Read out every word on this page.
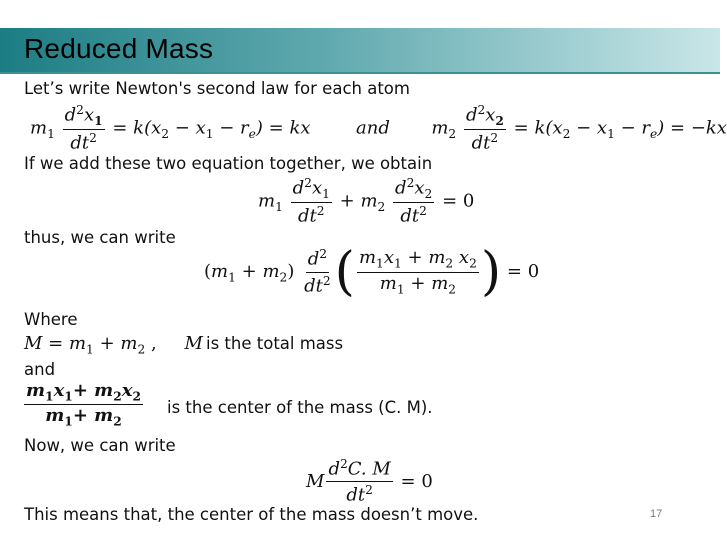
Reduced Mass
Let’s write Newton's second law for each atom
$m_1 \frac{d^2x_1}{dt^2} = k(x_2 - x_1 - r_e)$ = kx  and  $m_2 \frac{d^2x_2}{dt^2} = k(x_2 - x_1 - r_e) = -kx$
If we add these two equation together, we obtain
$m_1 \frac{d^2x_1}{dt^2} + m_2 \frac{d^2x_2}{dt^2} = 0$
thus, we can write
$(m_1 + m_2) \frac{d^2}{dt^2}$ ( $\frac{m_1x_1 + m_2 x_2}{m_1 + m_2}$ ) = 0
Where
$M = m_1 + m_2$ , M is the total mass
and
$\frac{m_1x_1+ m_2x_2}{m_1+ m_2}$ is the center of the mass (C. M).
Now, we can write
M $\frac{d^2C. M}{dt^2} = 0$
This means that, the center of the mass doesn’t move.	17
